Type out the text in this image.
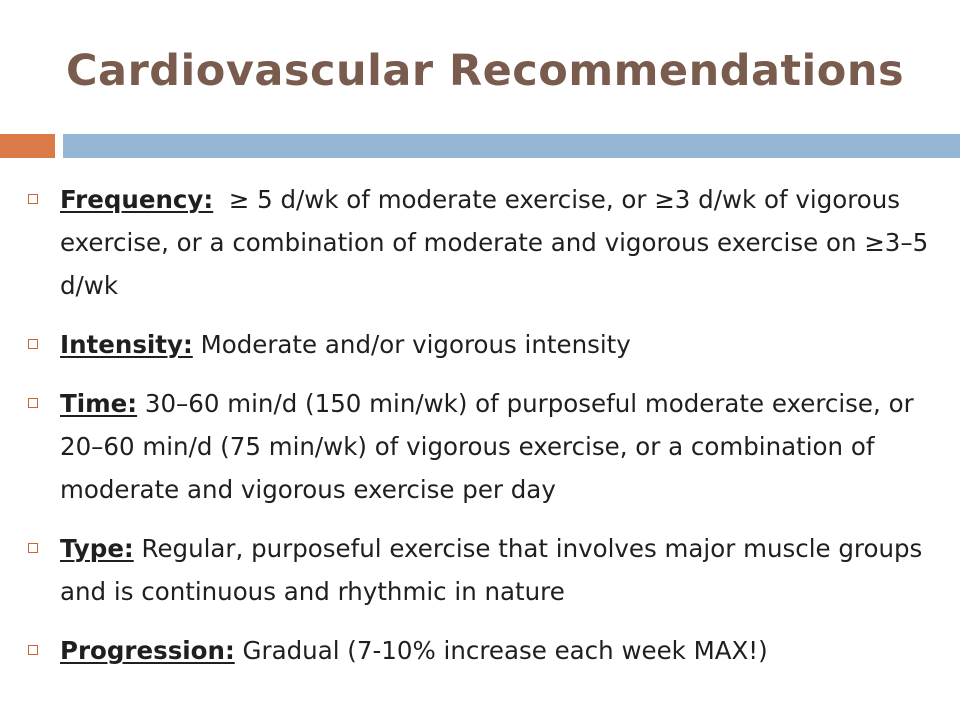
Cardiovascular Recommendations
Frequency: ≥ 5 d/wk of moderate exercise, or ≥3 d/wk of vigorous exercise, or a combination of moderate and vigorous exercise on ≥3–5 d/wk
Intensity: Moderate and/or vigorous intensity
Time: 30–60 min/d (150 min/wk) of purposeful moderate exercise, or 20–60 min/d (75 min/wk) of vigorous exercise, or a combination of moderate and vigorous exercise per day
Type: Regular, purposeful exercise that involves major muscle groups and is continuous and rhythmic in nature
Progression: Gradual (7-10% increase each week MAX!)
